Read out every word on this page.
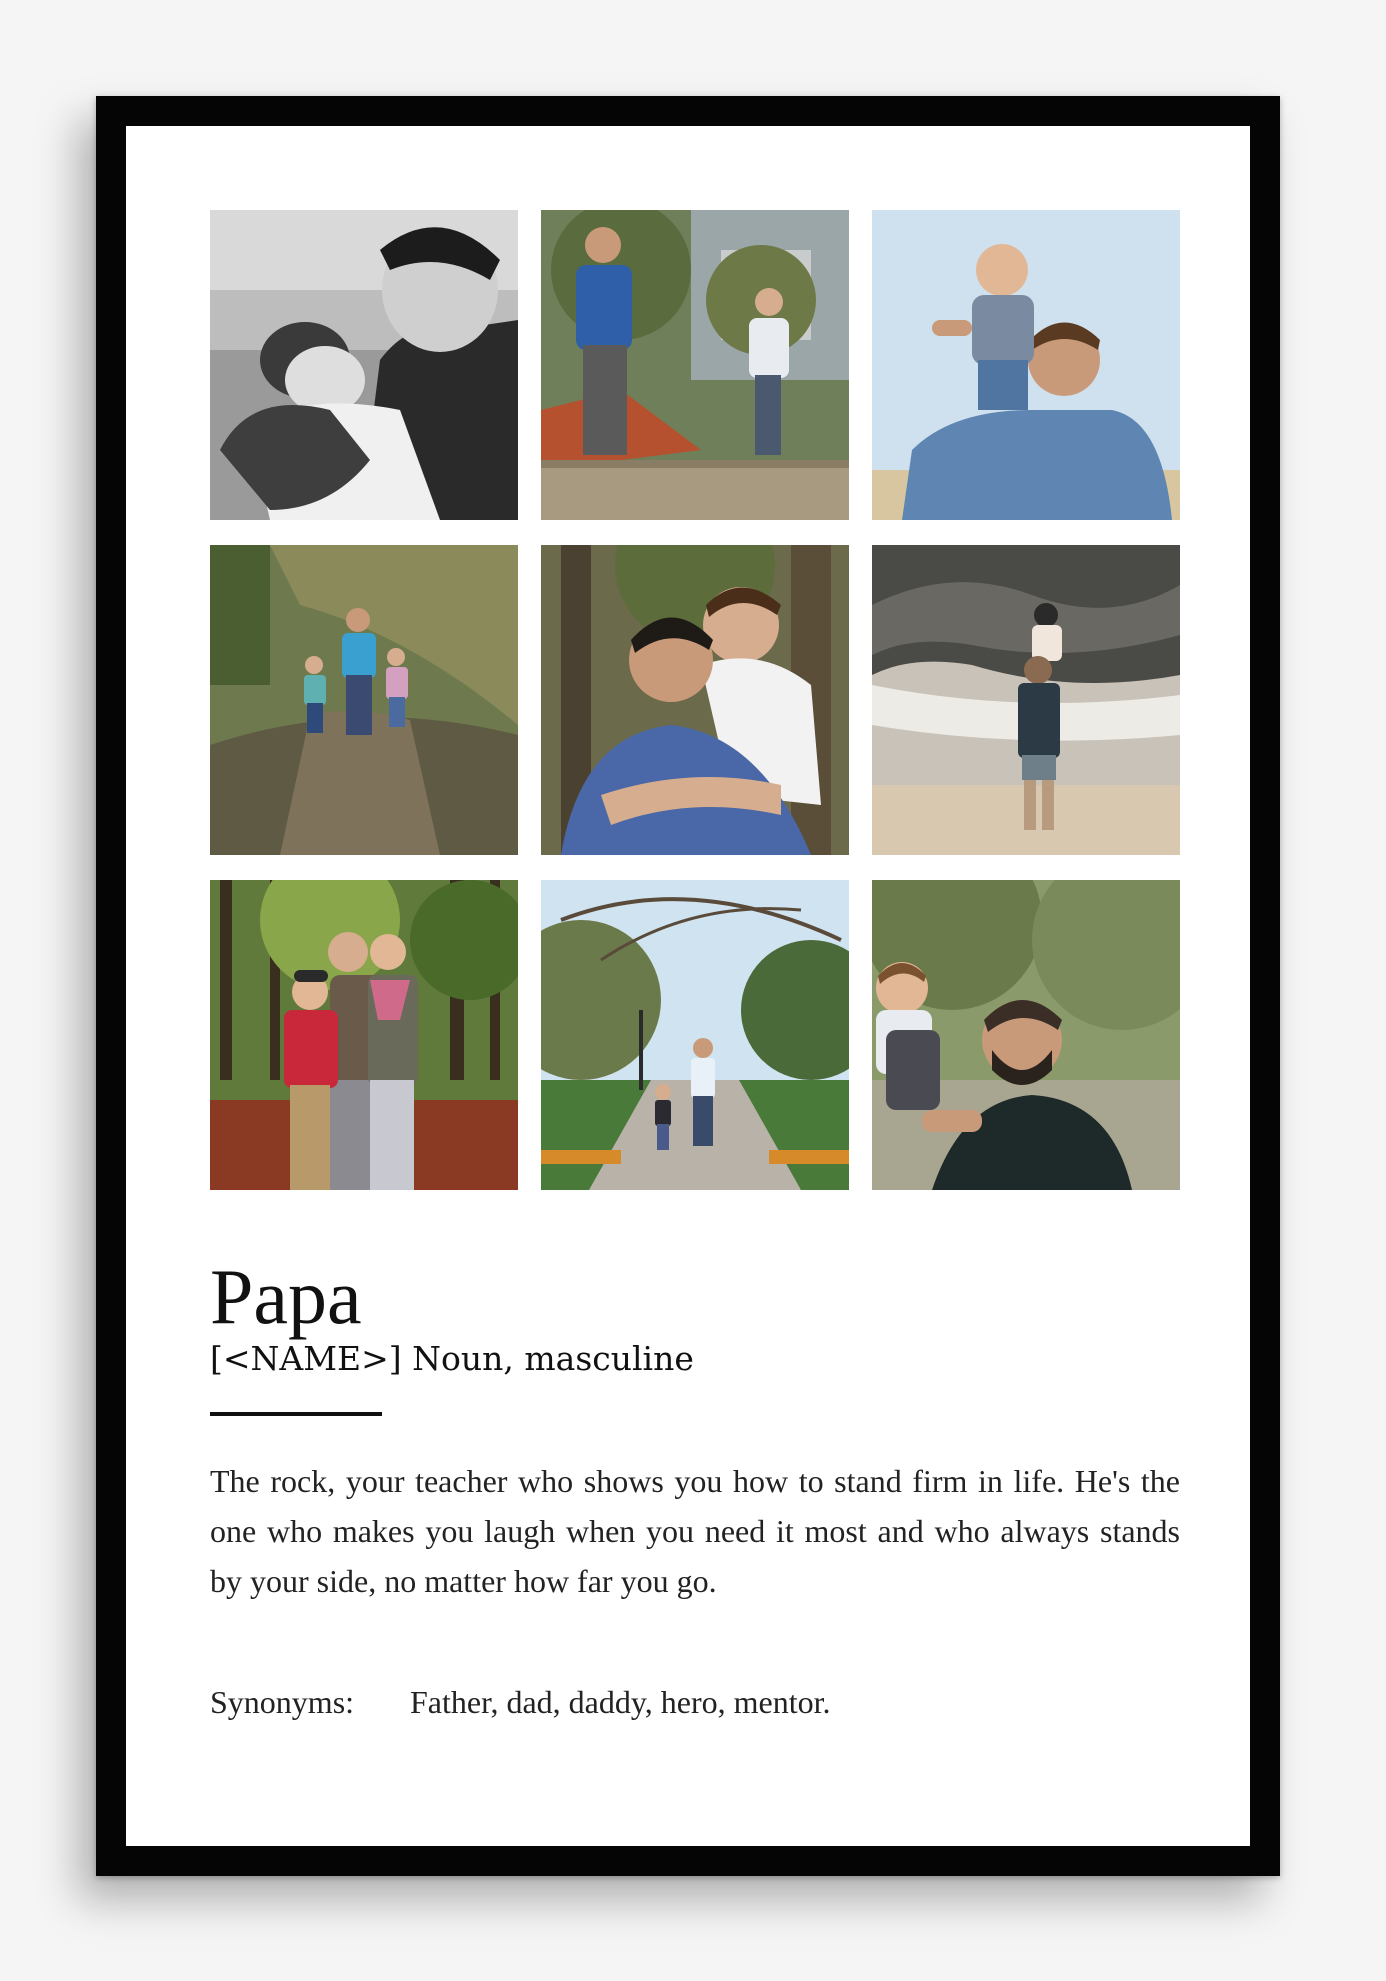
Papa
[<NAME>] Noun, masculine

The rock, your teacher who shows you how to stand firm in life. He's the one who makes you laugh when you need it most and who always stands by your side, no matter how far you go.

Synonyms: Father, dad, daddy, hero, mentor.
